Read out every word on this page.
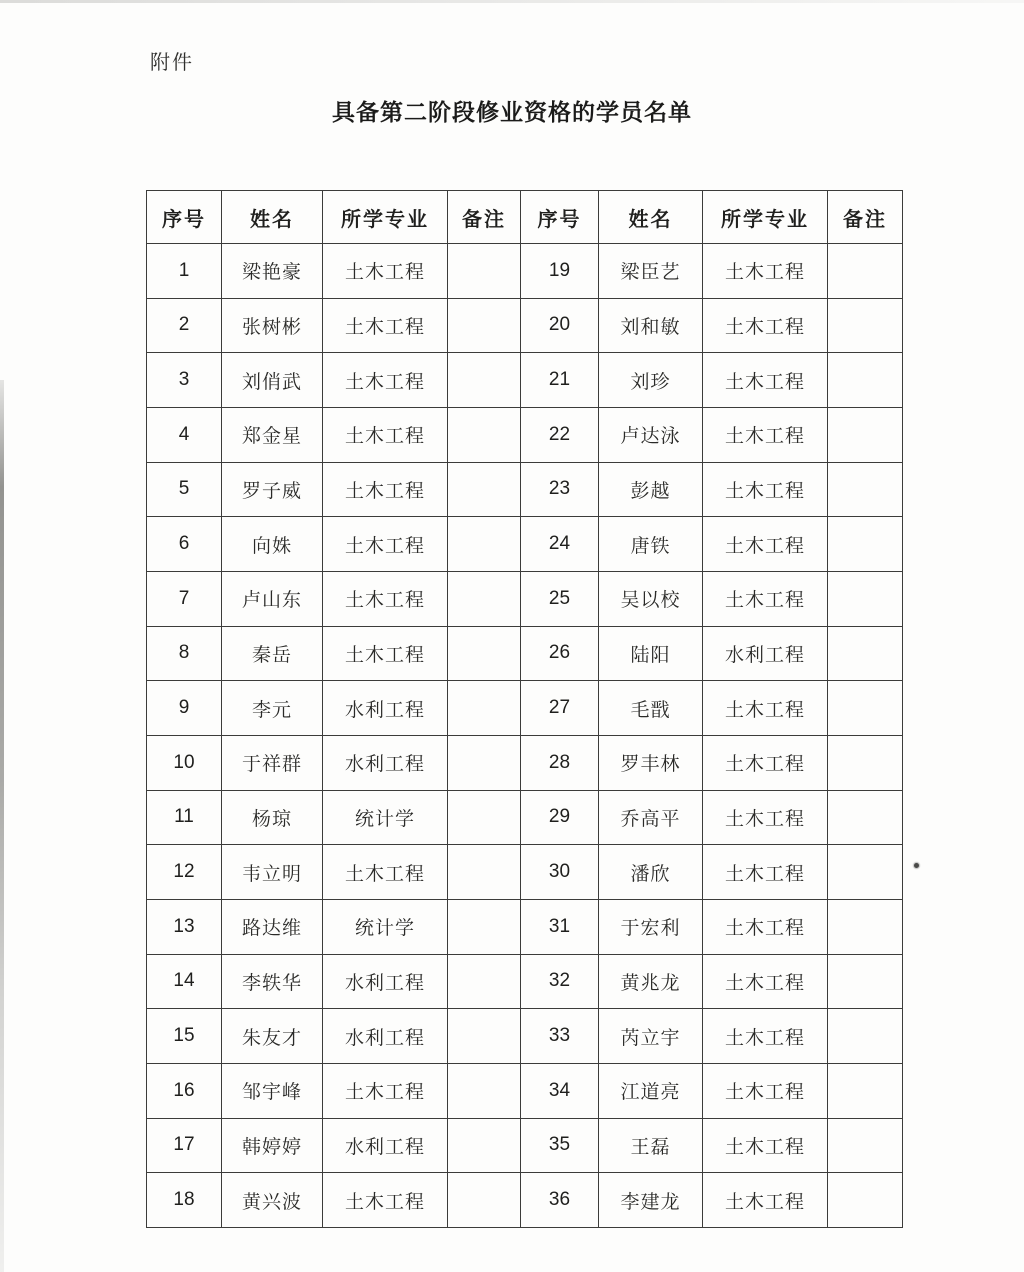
附件
具备第二阶段修业资格的学员名单
序号	姓名	所学专业	备注	序号	姓名	所学专业	备注
1	梁艳豪	土木工程		19	梁臣艺	土木工程	
2	张树彬	土木工程		20	刘和敏	土木工程	
3	刘俏武	土木工程		21	刘珍	土木工程	
4	郑金星	土木工程		22	卢达泳	土木工程	
5	罗子威	土木工程		23	彭越	土木工程	
6	向姝	土木工程		24	唐铁	土木工程	
7	卢山东	土木工程		25	吴以校	土木工程	
8	秦岳	土木工程		26	陆阳	水利工程	
9	李元	水利工程		27	毛戬	土木工程	
10	于祥群	水利工程		28	罗丰林	土木工程	
11	杨琼	统计学		29	乔高平	土木工程	
12	韦立明	土木工程		30	潘欣	土木工程	
13	路达维	统计学		31	于宏利	土木工程	
14	李轶华	水利工程		32	黄兆龙	土木工程	
15	朱友才	水利工程		33	芮立宇	土木工程	
16	邹宇峰	土木工程		34	江道亮	土木工程	
17	韩婷婷	水利工程		35	王磊	土木工程	
18	黄兴波	土木工程		36	李建龙	土木工程	
